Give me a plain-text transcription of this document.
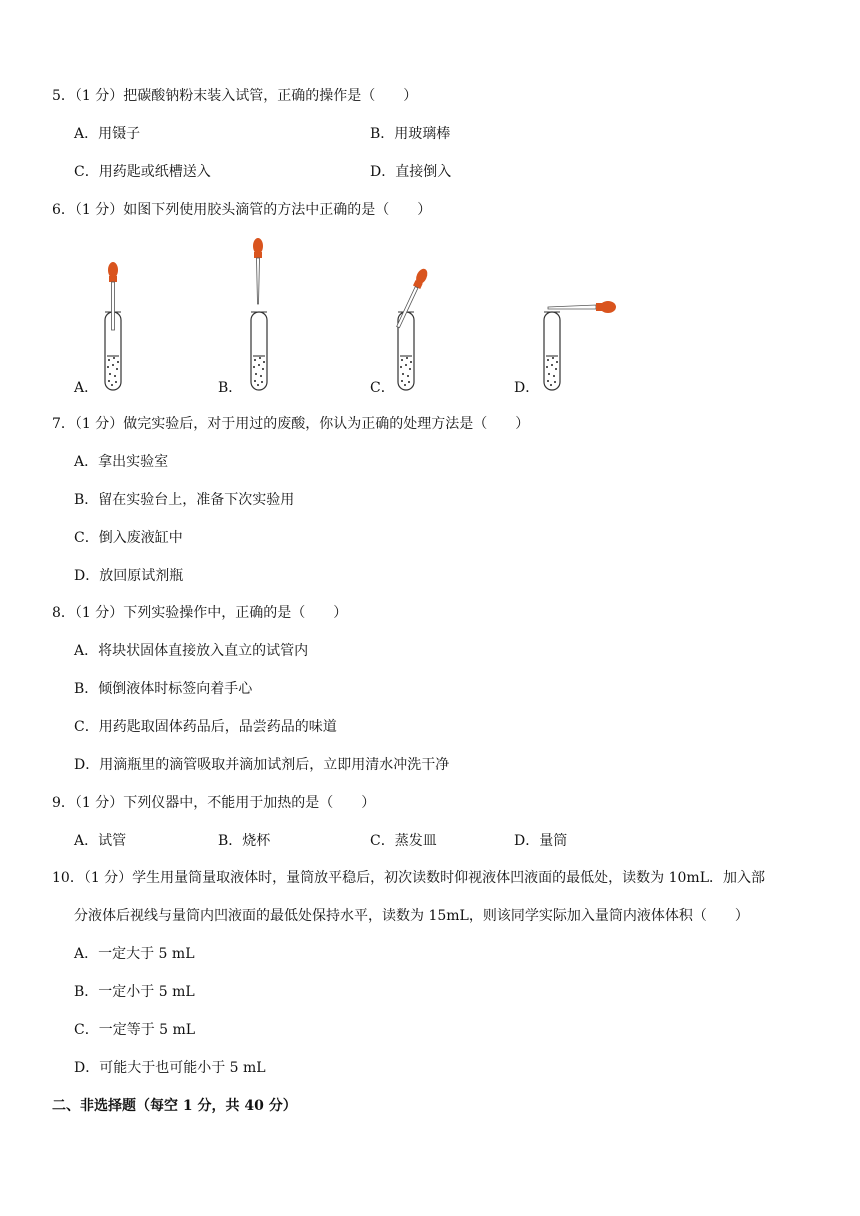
5．（1 分）把碳酸钠粉末装入试管，正确的操作是（　　）
A．用镊子	B．用玻璃棒
C．用药匙或纸槽送入	D．直接倒入
6．（1 分）如图下列使用胶头滴管的方法中正确的是（　　）
A．	B．	C．	D．
7．（1 分）做完实验后，对于用过的废酸，你认为正确的处理方法是（　　）
A．拿出实验室
B．留在实验台上，准备下次实验用
C．倒入废液缸中
D．放回原试剂瓶
8．（1 分）下列实验操作中，正确的是（　　）
A．将块状固体直接放入直立的试管内
B．倾倒液体时标签向着手心
C．用药匙取固体药品后，品尝药品的味道
D．用滴瓶里的滴管吸取并滴加试剂后，立即用清水冲洗干净
9．（1 分）下列仪器中，不能用于加热的是（　　）
A．试管	B．烧杯	C．蒸发皿	D．量筒
10．（1 分）学生用量筒量取液体时，量筒放平稳后，初次读数时仰视液体凹液面的最低处，读数为 10mL．加入部
分液体后视线与量筒内凹液面的最低处保持水平，读数为 15mL，则该同学实际加入量筒内液体体积（　　）
A．一定大于 5 mL
B．一定小于 5 mL
C．一定等于 5 mL
D．可能大于也可能小于 5 mL
二、非选择题（每空 1 分，共 40 分）
